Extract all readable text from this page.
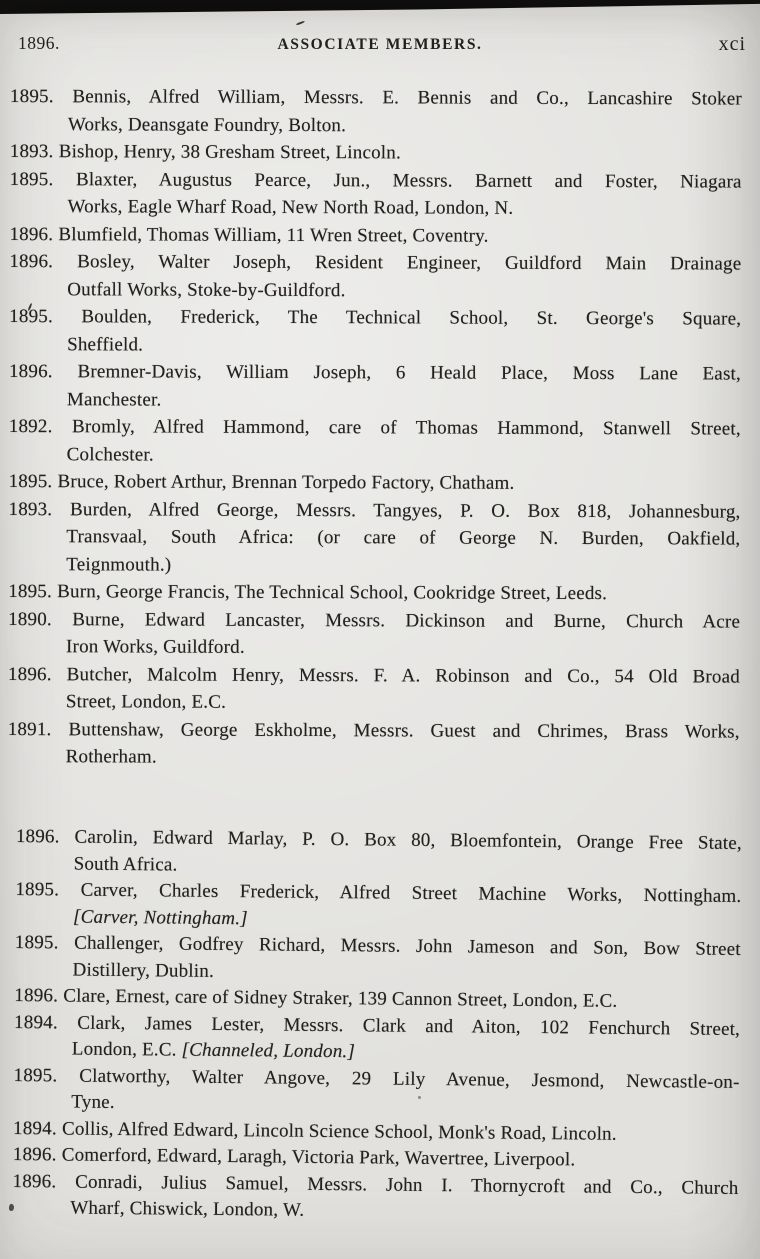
1896.	ASSOCIATE MEMBERS.	xci
1895. Bennis, Alfred William, Messrs. E. Bennis and Co., Lancashire Stoker
Works, Deansgate Foundry, Bolton.
1893. Bishop, Henry, 38 Gresham Street, Lincoln.
1895. Blaxter, Augustus Pearce, Jun., Messrs. Barnett and Foster, Niagara
Works, Eagle Wharf Road, New North Road, London, N.
1896. Blumfield, Thomas William, 11 Wren Street, Coventry.
1896. Bosley, Walter Joseph, Resident Engineer, Guildford Main Drainage
Outfall Works, Stoke-by-Guildford.
1895. Boulden, Frederick, The Technical School, St. George's Square,
Sheffield.
1896. Bremner-Davis, William Joseph, 6 Heald Place, Moss Lane East,
Manchester.
1892. Bromly, Alfred Hammond, care of Thomas Hammond, Stanwell Street,
Colchester.
1895. Bruce, Robert Arthur, Brennan Torpedo Factory, Chatham.
1893. Burden, Alfred George, Messrs. Tangyes, P. O. Box 818, Johannesburg,
Transvaal, South Africa: (or care of George N. Burden, Oakfield,
Teignmouth.)
1895. Burn, George Francis, The Technical School, Cookridge Street, Leeds.
1890. Burne, Edward Lancaster, Messrs. Dickinson and Burne, Church Acre
Iron Works, Guildford.
1896. Butcher, Malcolm Henry, Messrs. F. A. Robinson and Co., 54 Old Broad
Street, London, E.C.
1891. Buttenshaw, George Eskholme, Messrs. Guest and Chrimes, Brass Works,
Rotherham.
1896. Carolin, Edward Marlay, P. O. Box 80, Bloemfontein, Orange Free State,
South Africa.
1895. Carver, Charles Frederick, Alfred Street Machine Works, Nottingham.
[Carver, Nottingham.]
1895. Challenger, Godfrey Richard, Messrs. John Jameson and Son, Bow Street
Distillery, Dublin.
1896. Clare, Ernest, care of Sidney Straker, 139 Cannon Street, London, E.C.
1894. Clark, James Lester, Messrs. Clark and Aiton, 102 Fenchurch Street,
London, E.C. [Channeled, London.]
1895. Clatworthy, Walter Angove, 29 Lily Avenue, Jesmond, Newcastle-on-
Tyne.
1894. Collis, Alfred Edward, Lincoln Science School, Monk's Road, Lincoln.
1896. Comerford, Edward, Laragh, Victoria Park, Wavertree, Liverpool.
1896. Conradi, Julius Samuel, Messrs. John I. Thornycroft and Co., Church
Wharf, Chiswick, London, W.
